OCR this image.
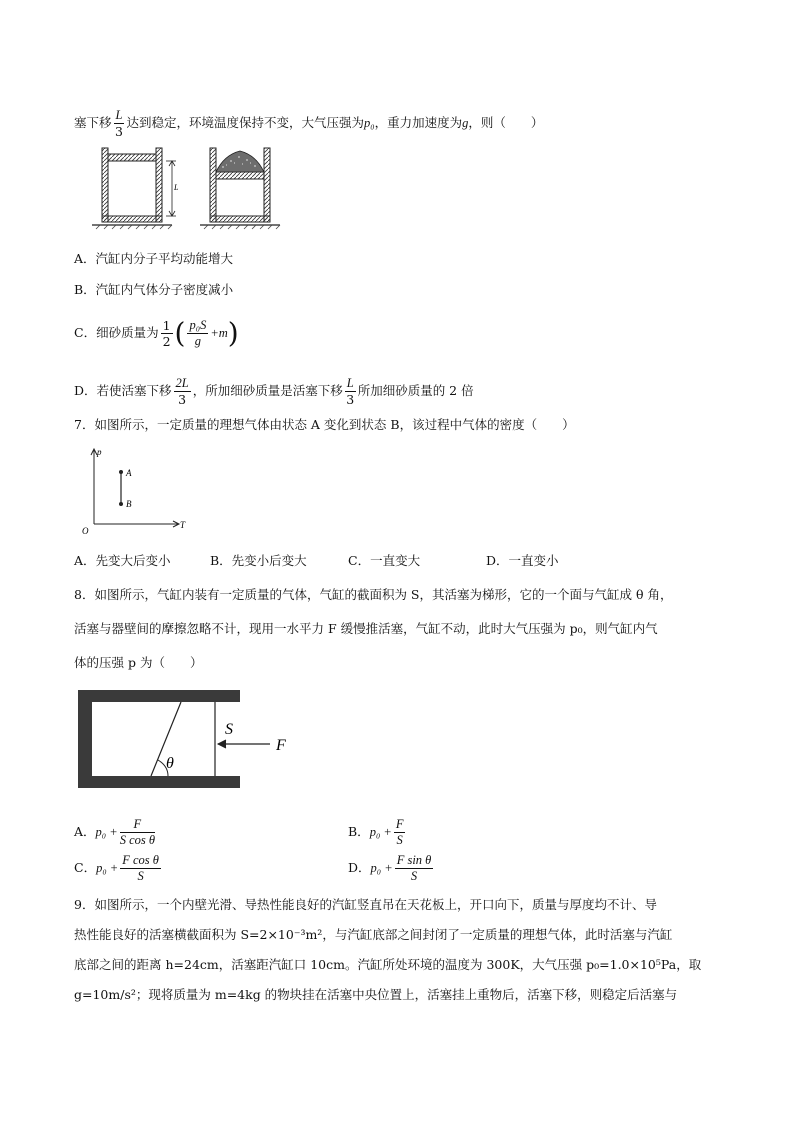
塞下移 $\frac{L}{3}$ 达到稳定，环境温度保持不变，大气压强为p₀，重力加速度为g，则（　　）
L
A．汽缸内分子平均动能增大
B．汽缸内气体分子密度减小
C．细砂质量为 $\frac{1}{2}$ ( $\frac{\text{p₀S}}{g} +m$)
D．若使活塞下移 $\frac{2L}{3}$ ，所加细砂质量是活塞下移 $\frac{L}{3}$ 所加细砂质量的 2 倍
7．如图所示，一定质量的理想气体由状态 A 变化到状态 B，该过程中气体的密度（　　）
p
T
O
A
B
A．先变大后变小	B．先变小后变大	C．一直变大	D．一直变小
8．如图所示，气缸内装有一定质量的气体，气缸的截面积为 S，其活塞为梯形，它的一个面与气缸成 θ 角，
活塞与器壁间的摩擦忽略不计，现用一水平力 F 缓慢推活塞，气缸不动，此时大气压强为 p₀，则气缸内气
体的压强 p 为（　　）
θ
S
F
A．$p_0 + \frac{F}{\text{S cos θ}}$	B．$p_0 + \frac{F}{S}$
C．$p_0 + \frac{\text{F cos θ}}{S}$	D．$p_0 + \frac{\text{F sin θ}}{S}$
9．如图所示，一个内壁光滑、导热性能良好的汽缸竖直吊在天花板上，开口向下，质量与厚度均不计、导
热性能良好的活塞横截面积为 S=2×10⁻³m²，与汽缸底部之间封闭了一定质量的理想气体，此时活塞与汽缸
底部之间的距离 h=24cm，活塞距汽缸口 10cm。汽缸所处环境的温度为 300K，大气压强 p₀=1.0×10⁵Pa，取
g=10m/s²；现将质量为 m=4kg 的物块挂在活塞中央位置上，活塞挂上重物后，活塞下移，则稳定后活塞与
